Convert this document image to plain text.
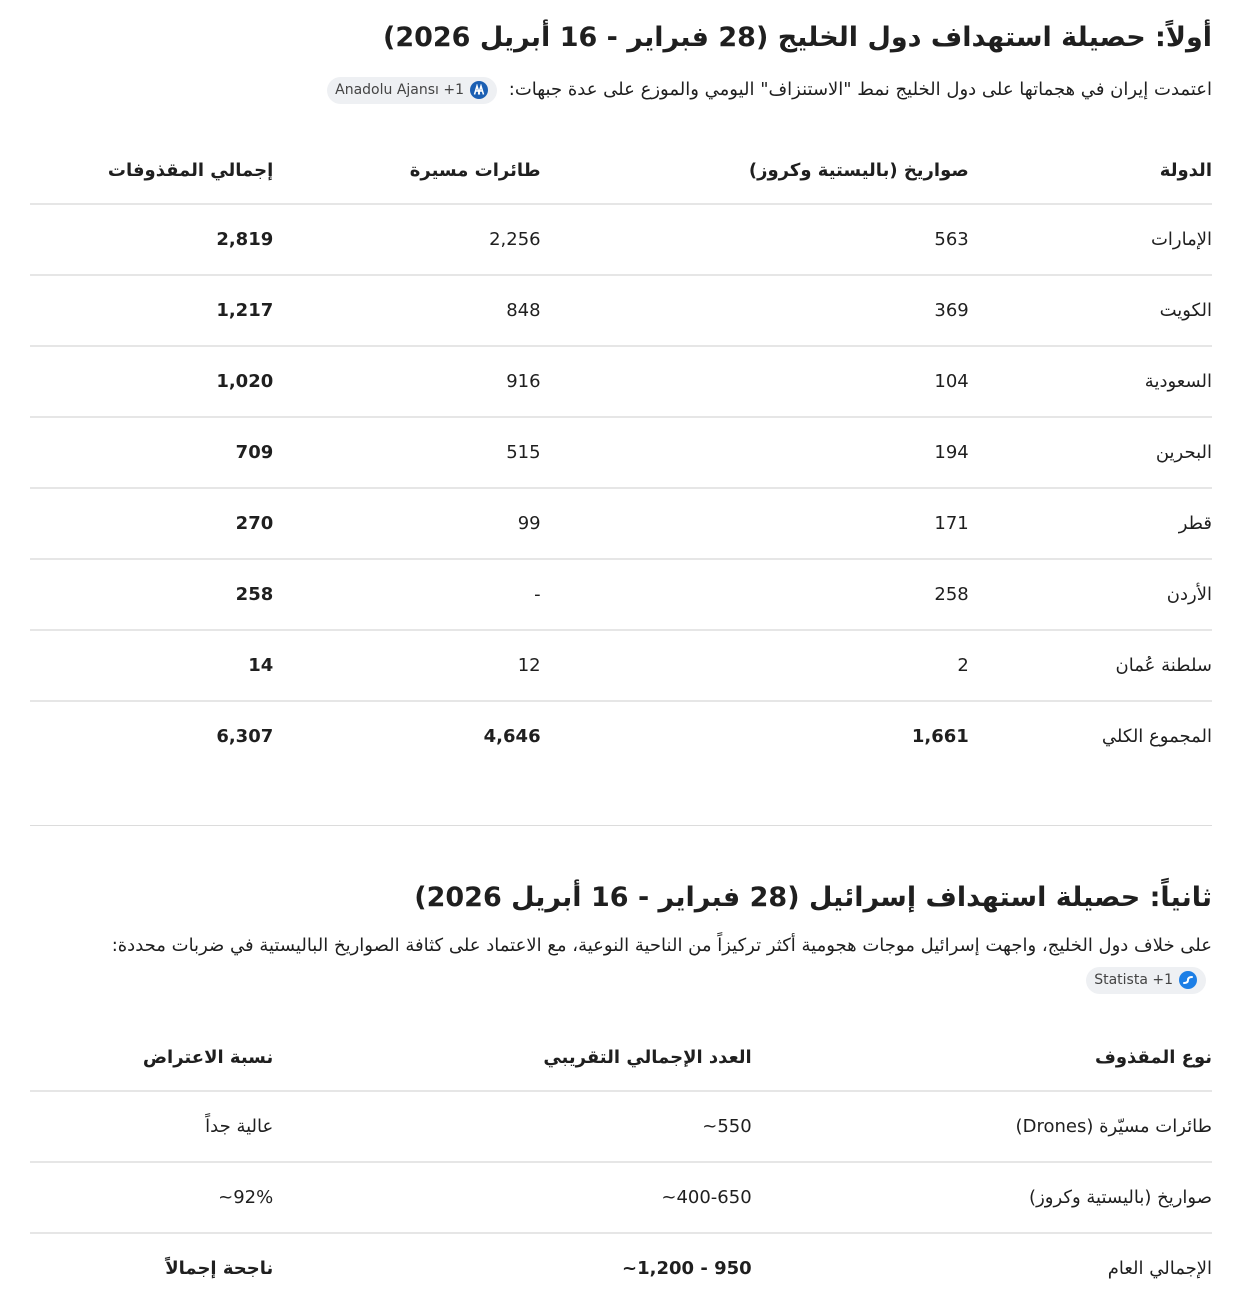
أولاً: حصيلة استهداف دول الخليج (28 فبراير - 16 أبريل 2026)

اعتمدت إيران في هجماتها على دول الخليج نمط "الاستنزاف" اليومي والموزع على عدة جبهات:
Anadolu Ajansı +1

الدولة	صواريخ (باليستية وكروز)	طائرات مسيرة	إجمالي المقذوفات
الإمارات	563	2,256	2,819
الكويت	369	848	1,217
السعودية	104	916	1,020
البحرين	194	515	709
قطر	171	99	270
الأردن	258	-	258
سلطنة عُمان	2	12	14
المجموع الكلي	1,661	4,646	6,307
ثانياً: حصيلة استهداف إسرائيل (28 فبراير - 16 أبريل 2026)

على خلاف دول الخليج، واجهت إسرائيل موجات هجومية أكثر تركيزاً من الناحية النوعية، مع الاعتماد على كثافة الصواريخ الباليستية في ضربات محددة:
Statista +1

نوع المقذوف	العدد الإجمالي التقريبي	نسبة الاعتراض
طائرات مسيّرة (Drones)	550~	عالية جداً
صواريخ (باليستية وكروز)	400-650~	92%~
الإجمالي العام	950 - 1,200~	ناجحة إجمالاً
